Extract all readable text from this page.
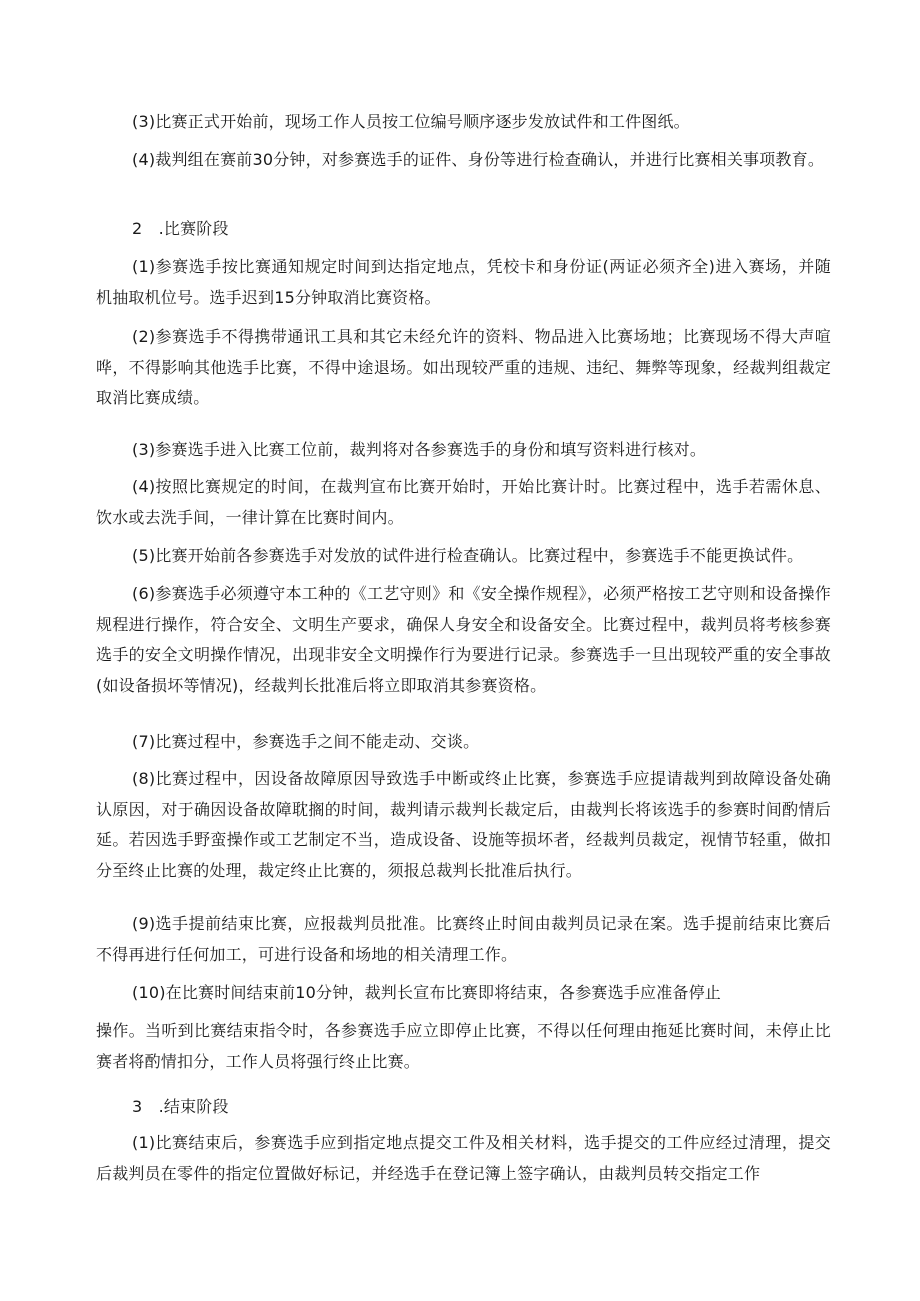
(3)比赛正式开始前，现场工作人员按工位编号顺序逐步发放试件和工件图纸。

(4)裁判组在赛前30分钟，对参赛选手的证件、身份等进行检查确认，并进行比赛相关事项教育。

2　.比赛阶段

(1)参赛选手按比赛通知规定时间到达指定地点，凭校卡和身份证(两证必须齐全)进入赛场，并随机抽取机位号。选手迟到15分钟取消比赛资格。

(2)参赛选手不得携带通讯工具和其它未经允许的资料、物品进入比赛场地；比赛现场不得大声喧哗，不得影响其他选手比赛，不得中途退场。如出现较严重的违规、违纪、舞弊等现象，经裁判组裁定取消比赛成绩。

(3)参赛选手进入比赛工位前，裁判将对各参赛选手的身份和填写资料进行核对。

(4)按照比赛规定的时间，在裁判宣布比赛开始时，开始比赛计时。比赛过程中，选手若需休息、饮水或去洗手间，一律计算在比赛时间内。

(5)比赛开始前各参赛选手对发放的试件进行检查确认。比赛过程中，参赛选手不能更换试件。

(6)参赛选手必须遵守本工种的《工艺守则》和《安全操作规程》，必须严格按工艺守则和设备操作规程进行操作，符合安全、文明生产要求，确保人身安全和设备安全。比赛过程中，裁判员将考核参赛选手的安全文明操作情况，出现非安全文明操作行为要进行记录。参赛选手一旦出现较严重的安全事故(如设备损坏等情况)，经裁判长批准后将立即取消其参赛资格。

(7)比赛过程中，参赛选手之间不能走动、交谈。

(8)比赛过程中，因设备故障原因导致选手中断或终止比赛，参赛选手应提请裁判到故障设备处确认原因，对于确因设备故障耽搁的时间，裁判请示裁判长裁定后，由裁判长将该选手的参赛时间酌情后延。若因选手野蛮操作或工艺制定不当，造成设备、设施等损坏者，经裁判员裁定，视情节轻重，做扣分至终止比赛的处理，裁定终止比赛的，须报总裁判长批准后执行。

(9)选手提前结束比赛，应报裁判员批准。比赛终止时间由裁判员记录在案。选手提前结束比赛后不得再进行任何加工，可进行设备和场地的相关清理工作。

(10)在比赛时间结束前10分钟，裁判长宣布比赛即将结束，各参赛选手应准备停止

操作。当听到比赛结束指令时，各参赛选手应立即停止比赛，不得以任何理由拖延比赛时间，未停止比赛者将酌情扣分，工作人员将强行终止比赛。

3　.结束阶段

(1)比赛结束后，参赛选手应到指定地点提交工件及相关材料，选手提交的工件应经过清理，提交后裁判员在零件的指定位置做好标记，并经选手在登记簿上签字确认，由裁判员转交指定工作
